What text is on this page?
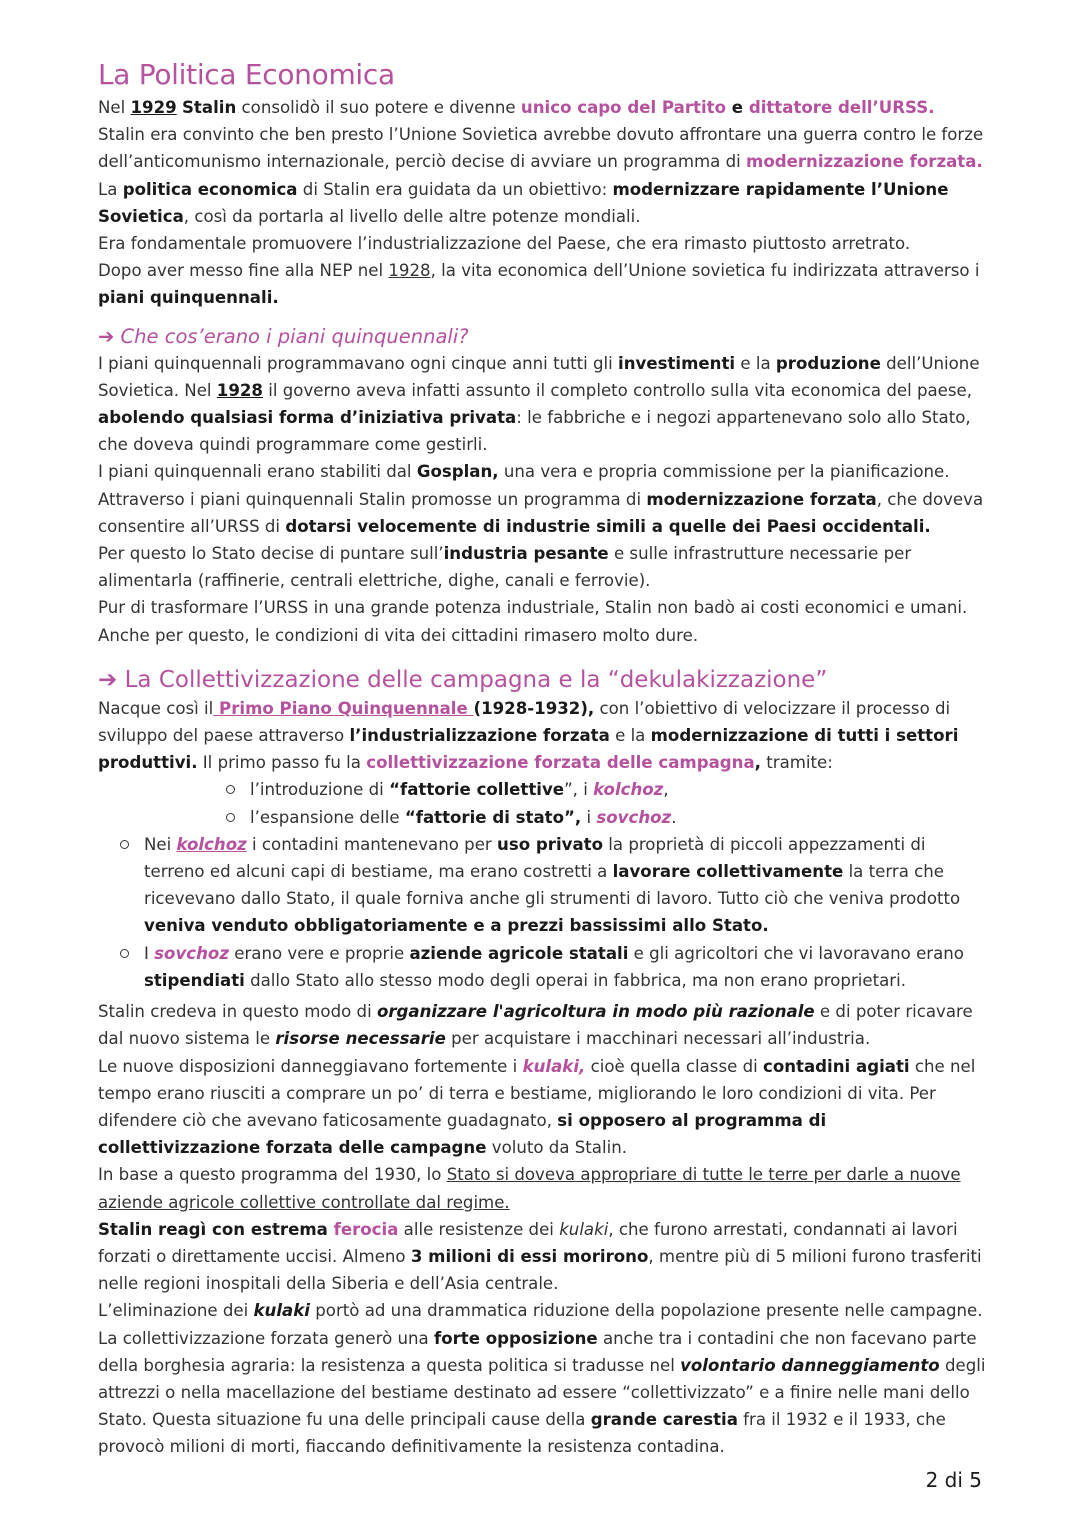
La Politica Economica

Nel 1929 Stalin consolidò il suo potere e divenne unico capo del Partito e dittatore dell’URSS.
Stalin era convinto che ben presto l’Unione Sovietica avrebbe dovuto affrontare una guerra contro le forze dell’anticomunismo internazionale, perciò decise di avviare un programma di modernizzazione forzata. La politica economica di Stalin era guidata da un obiettivo: modernizzare rapidamente l’Unione Sovietica, così da portarla al livello delle altre potenze mondiali.
Era fondamentale promuovere l’industrializzazione del Paese, che era rimasto piuttosto arretrato.
Dopo aver messo fine alla NEP nel 1928, la vita economica dell’Unione sovietica fu indirizzata attraverso i piani quinquennali.

➔ Che cos’erano i piani quinquennali?

I piani quinquennali programmavano ogni cinque anni tutti gli investimenti e la produzione dell’Unione Sovietica. Nel 1928 il governo aveva infatti assunto il completo controllo sulla vita economica del paese, abolendo qualsiasi forma d’iniziativa privata: le fabbriche e i negozi appartenevano solo allo Stato, che doveva quindi programmare come gestirli.
I piani quinquennali erano stabiliti dal Gosplan, una vera e propria commissione per la pianificazione. Attraverso i piani quinquennali Stalin promosse un programma di modernizzazione forzata, che doveva consentire all’URSS di dotarsi velocemente di industrie simili a quelle dei Paesi occidentali.
Per questo lo Stato decise di puntare sull’industria pesante e sulle infrastrutture necessarie per alimentarla (raffinerie, centrali elettriche, dighe, canali e ferrovie).
Pur di trasformare l’URSS in una grande potenza industriale, Stalin non badò ai costi economici e umani. Anche per questo, le condizioni di vita dei cittadini rimasero molto dure.

➔ La Collettivizzazione delle campagna e la “dekulakizzazione”

Nacque così il Primo Piano Quinquennale (1928-1932), con l’obiettivo di velocizzare il processo di sviluppo del paese attraverso l’industrializzazione forzata e la modernizzazione di tutti i settori produttivi. Il primo passo fu la collettivizzazione forzata delle campagna, tramite:

l’introduzione di “fattorie collettive”, i kolchoz,
l’espansione delle “fattorie di stato”, i sovchoz.
Nei kolchoz i contadini mantenevano per uso privato la proprietà di piccoli appezzamenti di terreno ed alcuni capi di bestiame, ma erano costretti a lavorare collettivamente la terra che ricevevano dallo Stato, il quale forniva anche gli strumenti di lavoro. Tutto ciò che veniva prodotto veniva venduto obbligatoriamente e a prezzi bassissimi allo Stato.
I sovchoz erano vere e proprie aziende agricole statali e gli agricoltori che vi lavoravano erano stipendiati dallo Stato allo stesso modo degli operai in fabbrica, ma non erano proprietari.

Stalin credeva in questo modo di organizzare l'agricoltura in modo più razionale e di poter ricavare dal nuovo sistema le risorse necessarie per acquistare i macchinari necessari all’industria.
Le nuove disposizioni danneggiavano fortemente i kulaki, cioè quella classe di contadini agiati che nel tempo erano riusciti a comprare un po’ di terra e bestiame, migliorando le loro condizioni di vita. Per difendere ciò che avevano faticosamente guadagnato, si opposero al programma di collettivizzazione forzata delle campagne voluto da Stalin.
In base a questo programma del 1930, lo Stato si doveva appropriare di tutte le terre per darle a nuove aziende agricole collettive controllate dal regime.
Stalin reagì con estrema ferocia alle resistenze dei kulaki, che furono arrestati, condannati ai lavori forzati o direttamente uccisi. Almeno 3 milioni di essi morirono, mentre più di 5 milioni furono trasferiti nelle regioni inospitali della Siberia e dell’Asia centrale.
L’eliminazione dei kulaki portò ad una drammatica riduzione della popolazione presente nelle campagne. La collettivizzazione forzata generò una forte opposizione anche tra i contadini che non facevano parte della borghesia agraria: la resistenza a questa politica si tradusse nel volontario danneggiamento degli attrezzi o nella macellazione del bestiame destinato ad essere “collettivizzato” e a finire nelle mani dello Stato. Questa situazione fu una delle principali cause della grande carestia fra il 1932 e il 1933, che provocò milioni di morti, fiaccando definitivamente la resistenza contadina.

2 di 5
